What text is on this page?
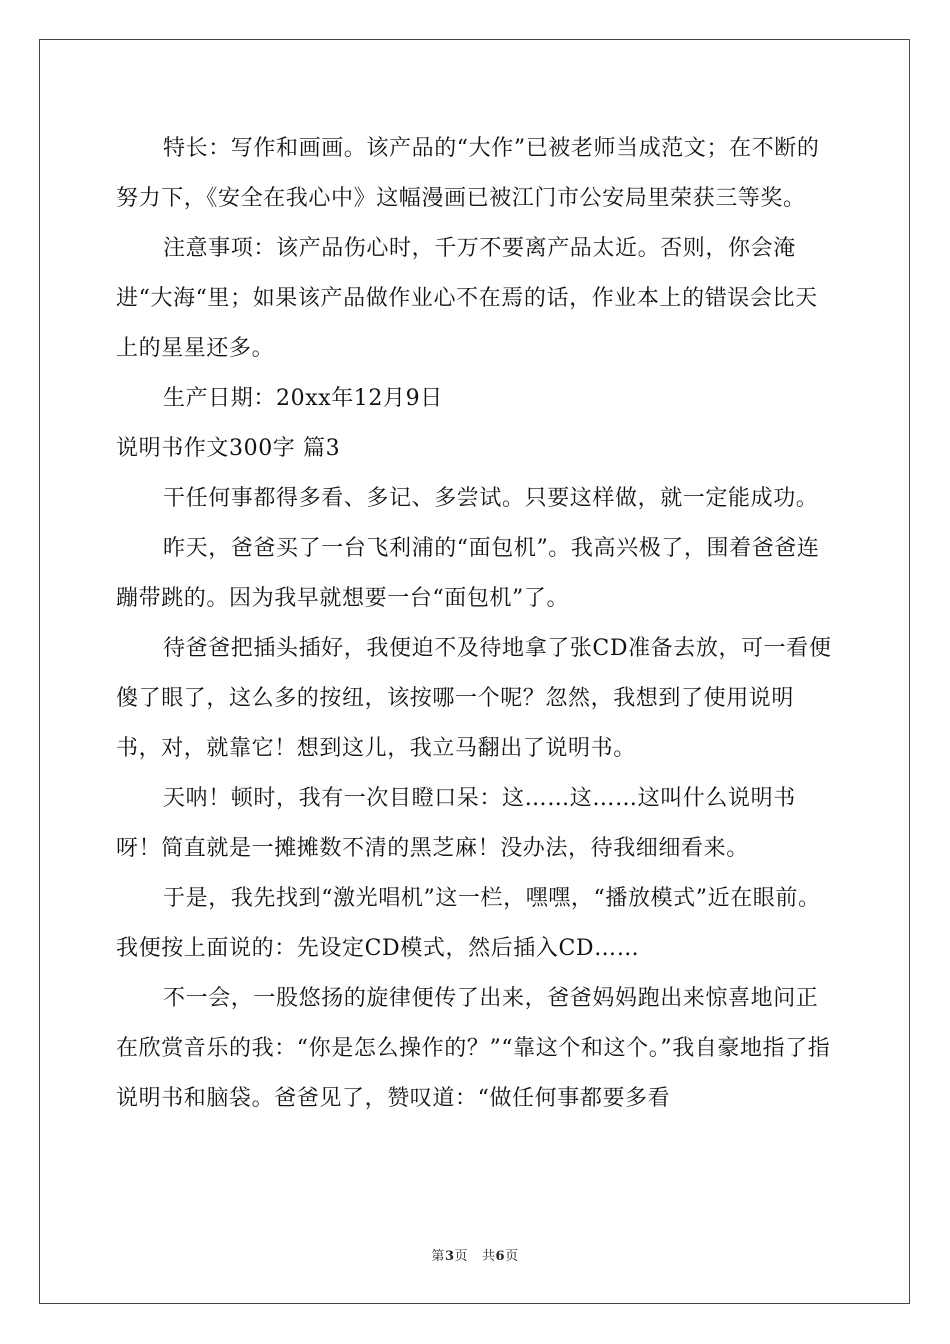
特长：写作和画画。该产品的“大作”已被老师当成范文；在不断的努力下，《安全在我心中》这幅漫画已被江门市公安局里荣获三等奖。

注意事项：该产品伤心时，千万不要离产品太近。否则，你会淹进“大海“里；如果该产品做作业心不在焉的话，作业本上的错误会比天上的星星还多。

生产日期：20xx年12月9日

说明书作文300字 篇3

干任何事都得多看、多记、多尝试。只要这样做，就一定能成功。

昨天，爸爸买了一台飞利浦的“面包机”。我高兴极了，围着爸爸连蹦带跳的。因为我早就想要一台“面包机”了。

待爸爸把插头插好，我便迫不及待地拿了张CD准备去放，可一看便傻了眼了，这么多的按纽，该按哪一个呢？忽然，我想到了使用说明书，对，就靠它！想到这儿，我立马翻出了说明书。

天呐！顿时，我有一次目瞪口呆：这……这……这叫什么说明书呀！简直就是一摊摊数不清的黑芝麻！没办法，待我细细看来。

于是，我先找到“激光唱机”这一栏，嘿嘿，“播放模式”近在眼前。我便按上面说的：先设定CD模式，然后插入CD……

不一会，一股悠扬的旋律便传了出来，爸爸妈妈跑出来惊喜地问正在欣赏音乐的我：“你是怎么操作的？”“靠这个和这个。”我自豪地指了指说明书和脑袋。爸爸见了，赞叹道：“做任何事都要多看

第3页 共6页
